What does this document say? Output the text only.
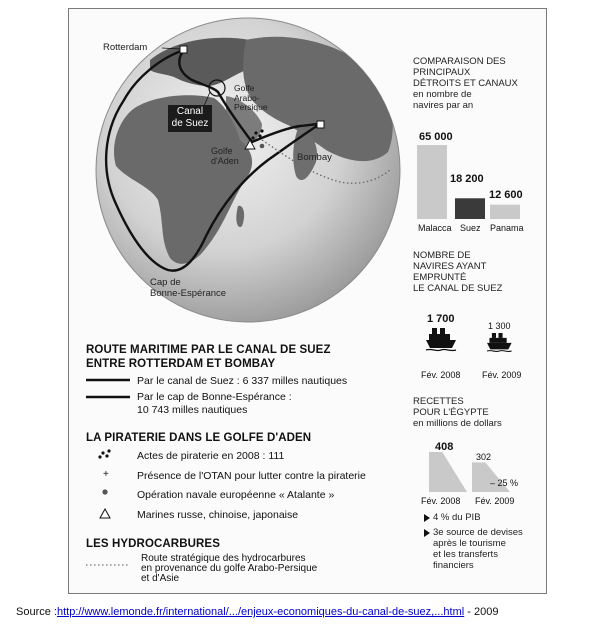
+
Rotterdam
Golfe
Arabo-
Persique
Canal
de Suez
Golfe
d'Aden	Bombay
Cap de
Bonne-Espérance
ROUTE MARITIME PAR LE CANAL DE SUEZ
ENTRE ROTTERDAM ET BOMBAY
Par le canal de Suez : 6 337 milles nautiques
Par le cap de Bonne-Espérance :
10 743 milles nautiques
LA PIRATERIE DANS LE GOLFE D'ADEN
Actes de piraterie en 2008 : 111
Présence de l'OTAN pour lutter contre la piraterie
Opération navale européenne « Atalante »
Marines russe, chinoise, japonaise
LES HYDROCARBURES
Route stratégique des hydrocarbures
en provenance du golfe Arabo-Persique
et d'Asie
COMPARAISON DES
PRINCIPAUX
DÉTROITS ET CANAUX
en nombre de
navires par an
65 000
18 200
12 600
Malacca Suez Panama
NOMBRE DE
NAVIRES AYANT
EMPRUNTÉ
LE CANAL DE SUEZ
1 700
1 300
Fév. 2008 Fév. 2009
RECETTES
POUR L'ÉGYPTE
en millions de dollars
408
302
– 25 %
Fév. 2008 Fév. 2009
4 % du PIB
3e source de devises
après le tourisme
et les transferts
financiers
Source :http://www.lemonde.fr/international/.../enjeux-economiques-du-canal-de-suez,...html - 2009
